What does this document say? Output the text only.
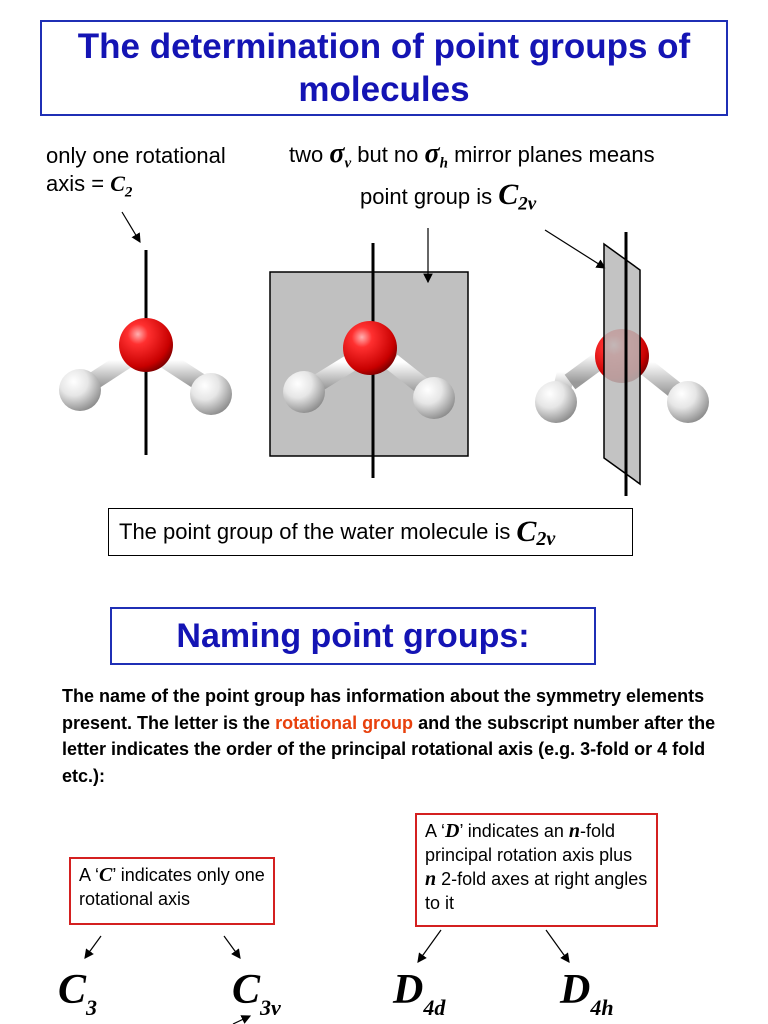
The determination of point groups of molecules
only one rotational
axis = $C_2$
two $\sigma_v$ but no $\sigma_h$ mirror planes means
point group is $C_{2v}$
The point group of the water molecule is C 2v
Naming point groups:
The name of the point group has information about the symmetry elements present. The letter is the rotational group and the subscript number after the letter indicates the order of the principal rotational axis (e.g. 3-fold or 4 fold etc.):
A ‘C’ indicates only one rotational axis
A ‘D’ indicates an n-fold principal rotation axis plus n 2-fold axes at right angles to it
$C_3$	$C_{3v}$	$D_{4d}$	$D_{4h}$
